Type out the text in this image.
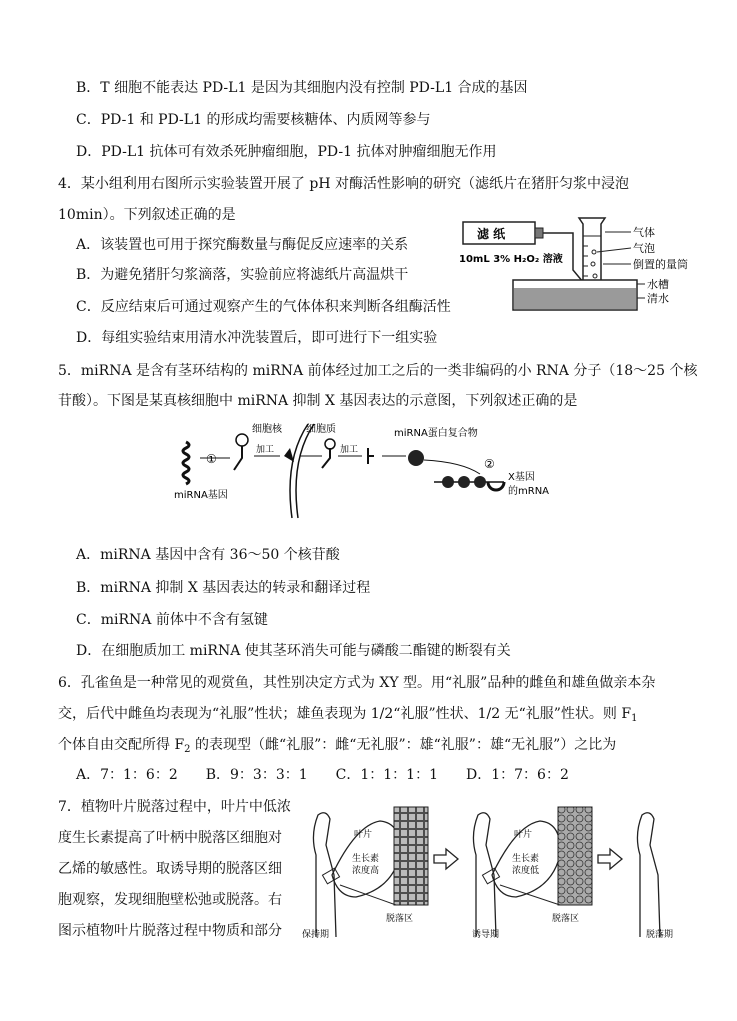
B．T 细胞不能表达 PD-L1 是因为其细胞内没有控制 PD-L1 合成的基因
C．PD-1 和 PD-L1 的形成均需要核糖体、内质网等参与
D．PD-L1 抗体可有效杀死肿瘤细胞，PD-1 抗体对肿瘤细胞无作用
4．某小组利用右图所示实验装置开展了 pH 对酶活性影响的研究（滤纸片在猪肝匀浆中浸泡
10min）。下列叙述正确的是
A．该装置也可用于探究酶数量与酶促反应速率的关系
B．为避免猪肝匀浆滴落，实验前应将滤纸片高温烘干
C．反应结束后可通过观察产生的气体体积来判断各组酶活性
D．每组实验结束用清水冲洗装置后，即可进行下一组实验
滤 纸
10mL 3% H₂O₂ 溶液
气体
气泡
倒置的量筒
水槽
清水
5．miRNA 是含有茎环结构的 miRNA 前体经过加工之后的一类非编码的小 RNA 分子（18～25 个核
苷酸）。下图是某真核细胞中 miRNA 抑制 X 基因表达的示意图，下列叙述正确的是
miRNA基因
①
加工
细胞核 细胞质
加工
miRNA蛋白复合物
②
X基因
的mRNA
A．miRNA 基因中含有 36～50 个核苷酸
B．miRNA 抑制 X 基因表达的转录和翻译过程
C．miRNA 前体中不含有氢键
D．在细胞质加工 miRNA 使其茎环消失可能与磷酸二酯键的断裂有关
6．孔雀鱼是一种常见的观赏鱼，其性别决定方式为 XY 型。用“礼服”品种的雌鱼和雄鱼做亲本杂
交，后代中雌鱼均表现为“礼服”性状；雄鱼表现为 1/2“礼服”性状、1/2 无“礼服”性状。则 $F_1$
个体自由交配所得 $F_2$ 的表现型（雌“礼服”：雌“无礼服”：雄“礼服”：雄“无礼服”）之比为
A．7：1：6：2　　B．9：3：3：1　　C．1：1：1：1　　D．1：7：6：2
7．植物叶片脱落过程中，叶片中低浓
度生长素提高了叶柄中脱落区细胞对
乙烯的敏感性。取诱导期的脱落区细
胞观察，发现细胞壁松弛或脱落。右
图示植物叶片脱落过程中物质和部分
叶片
生长素
浓度高
脱落区
保持期
叶片
生长素
浓度低
脱落区
诱导期	脱落期
